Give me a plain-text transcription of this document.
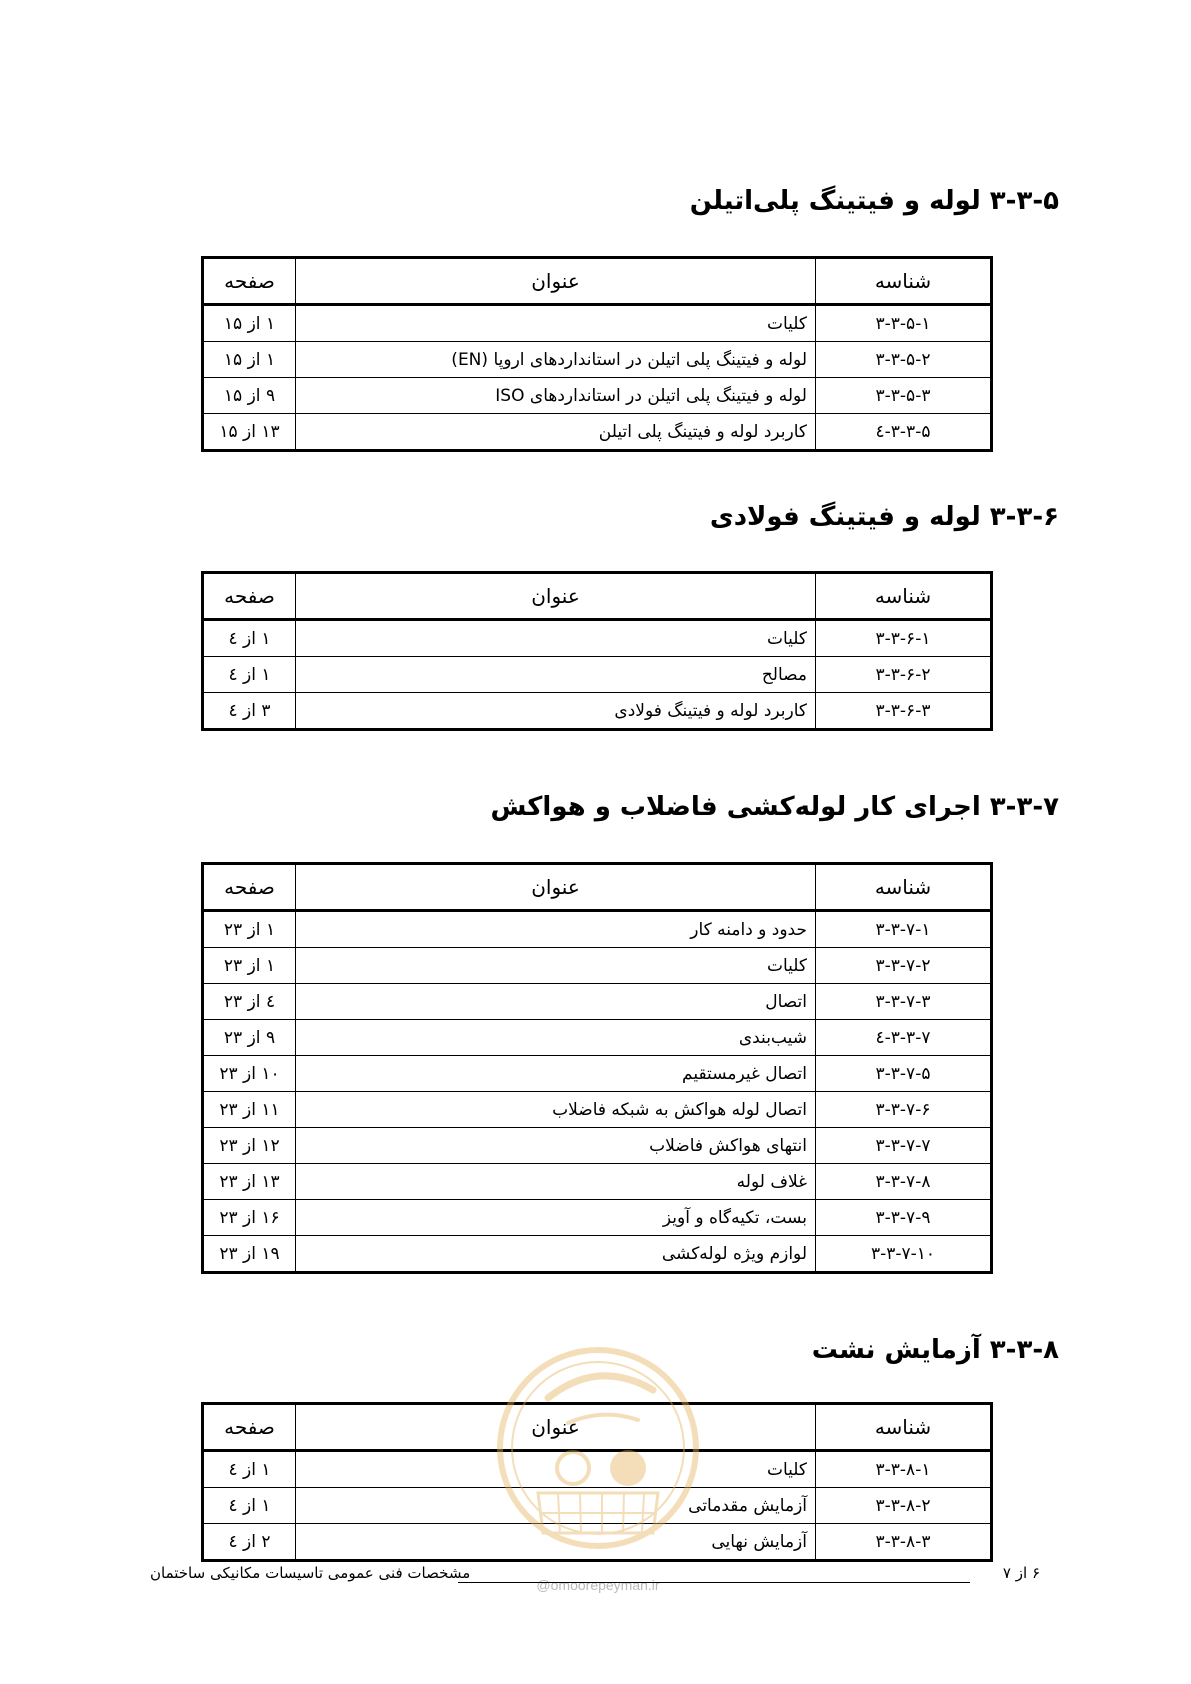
۳-۳-۵ لوله و فیتینگ پلی‌اتیلن
شناسه	عنوان	صفحه
۳-۳-۵-۱	کلیات	۱ از ۱۵
۳-۳-۵-۲	لوله و فیتینگ پلی اتیلن در استانداردهای اروپا (EN)	۱ از ۱۵
۳-۳-۵-۳	لوله و فیتینگ پلی اتیلن در استانداردهای ISO	۹ از ۱۵
۳-۳-۵-٤	کاربرد لوله و فیتینگ پلی اتیلن	۱۳ از ۱۵
۳-۳-۶ لوله و فیتینگ فولادی
شناسه	عنوان	صفحه
۳-۳-۶-۱	کلیات	۱ از ٤
۳-۳-۶-۲	مصالح	۱ از ٤
۳-۳-۶-۳	کاربرد لوله و فیتینگ فولادی	۳ از ٤
۳-۳-۷ اجرای کار لوله‌کشی فاضلاب و هواکش
شناسه	عنوان	صفحه
۳-۳-۷-۱	حدود و دامنه کار	۱ از ۲۳
۳-۳-۷-۲	کلیات	۱ از ۲۳
۳-۳-۷-۳	اتصال	٤ از ۲۳
۳-۳-۷-٤	شیب‌بندی	۹ از ۲۳
۳-۳-۷-۵	اتصال غیرمستقیم	۱۰ از ۲۳
۳-۳-۷-۶	اتصال لوله هواکش به شبکه فاضلاب	۱۱ از ۲۳
۳-۳-۷-۷	انتهای هواکش فاضلاب	۱۲ از ۲۳
۳-۳-۷-۸	غلاف لوله	۱۳ از ۲۳
۳-۳-۷-۹	بست، تکیه‌گاه و آویز	۱۶ از ۲۳
۳-۳-۷-۱۰	لوازم ویژه لوله‌کشی	۱۹ از ۲۳
۳-۳-۸ آزمایش نشت
شناسه	عنوان	صفحه
۳-۳-۸-۱	کلیات	۱ از ٤
۳-۳-۸-۲	آزمایش مقدماتی	۱ از ٤
۳-۳-۸-۳	آزمایش نهایی	۲ از ٤
@omoorepeyman.ir
۶ از ۷
مشخصات فنی عمومی تاسیسات مکانیکی ساختمان
